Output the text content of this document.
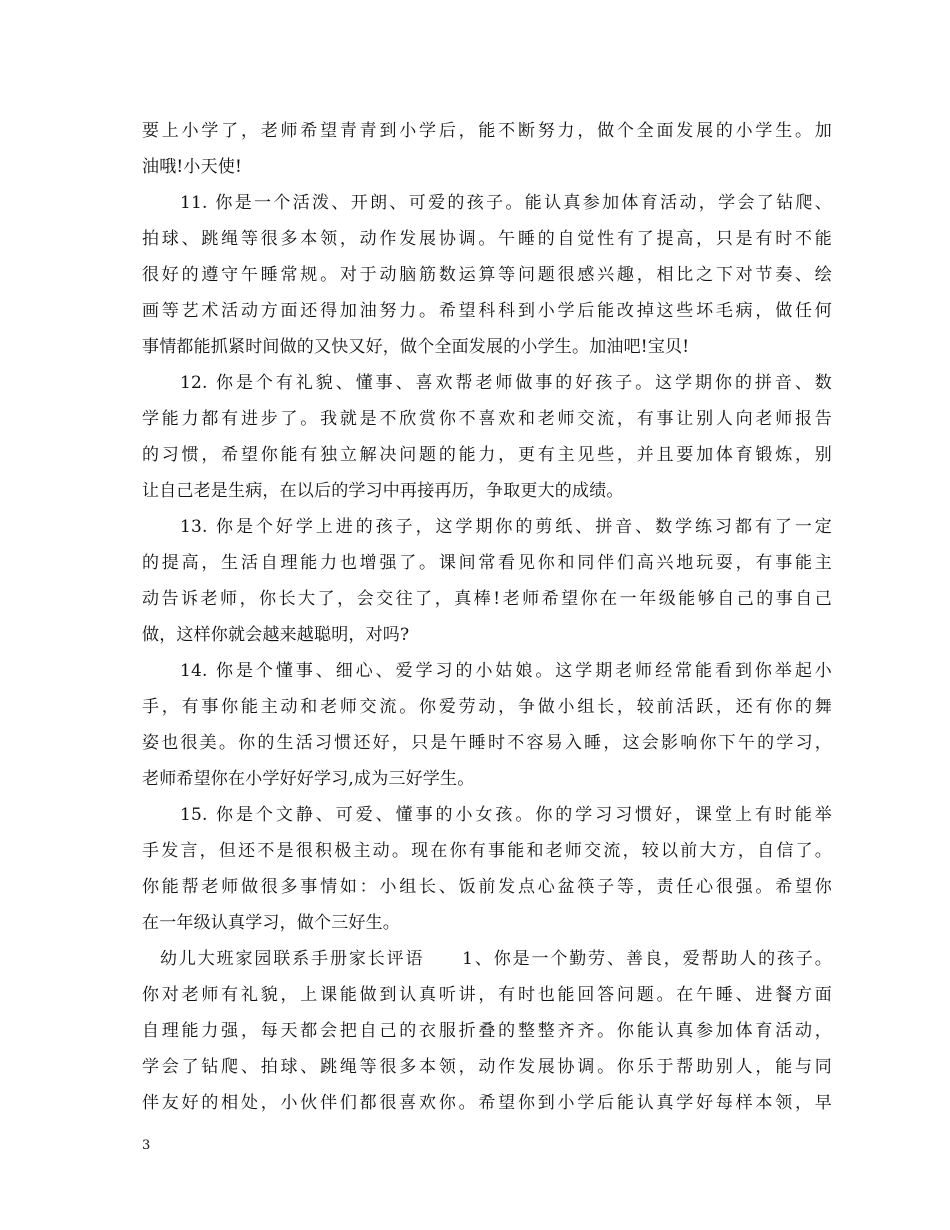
要上小学了，老师希望青青到小学后，能不断努力，做个全面发展的小学生。加
油哦!小天使!
11. 你是一个活泼、开朗、可爱的孩子。能认真参加体育活动，学会了钻爬、
拍球、跳绳等很多本领，动作发展协调。午睡的自觉性有了提高，只是有时不能
很好的遵守午睡常规。对于动脑筋数运算等问题很感兴趣，相比之下对节奏、绘
画等艺术活动方面还得加油努力。希望科科到小学后能改掉这些坏毛病，做任何
事情都能抓紧时间做的又快又好，做个全面发展的小学生。加油吧!宝贝!
12. 你是个有礼貌、懂事、喜欢帮老师做事的好孩子。这学期你的拼音、数
学能力都有进步了。我就是不欣赏你不喜欢和老师交流，有事让别人向老师报告
的习惯，希望你能有独立解决问题的能力，更有主见些，并且要加体育锻炼，别
让自己老是生病，在以后的学习中再接再历，争取更大的成绩。
13. 你是个好学上进的孩子，这学期你的剪纸、拼音、数学练习都有了一定
的提高，生活自理能力也增强了。课间常看见你和同伴们高兴地玩耍，有事能主
动告诉老师，你长大了，会交往了，真棒!老师希望你在一年级能够自己的事自己
做，这样你就会越来越聪明，对吗?
14. 你是个懂事、细心、爱学习的小姑娘。这学期老师经常能看到你举起小
手，有事你能主动和老师交流。你爱劳动，争做小组长，较前活跃，还有你的舞
姿也很美。你的生活习惯还好，只是午睡时不容易入睡，这会影响你下午的学习，
老师希望你在小学好好学习,成为三好学生。
15. 你是个文静、可爱、懂事的小女孩。你的学习习惯好，课堂上有时能举
手发言，但还不是很积极主动。现在你有事能和老师交流，较以前大方，自信了。
你能帮老师做很多事情如：小组长、饭前发点心盆筷子等，责任心很强。希望你
在一年级认真学习，做个三好生。
幼儿大班家园联系手册家长评语　　1、你是一个勤劳、善良，爱帮助人的孩子。
你对老师有礼貌，上课能做到认真听讲，有时也能回答问题。在午睡、进餐方面
自理能力强，每天都会把自己的衣服折叠的整整齐齐。你能认真参加体育活动，
学会了钻爬、拍球、跳绳等很多本领，动作发展协调。你乐于帮助别人，能与同
伴友好的相处，小伙伴们都很喜欢你。希望你到小学后能认真学好每样本领，早
3
